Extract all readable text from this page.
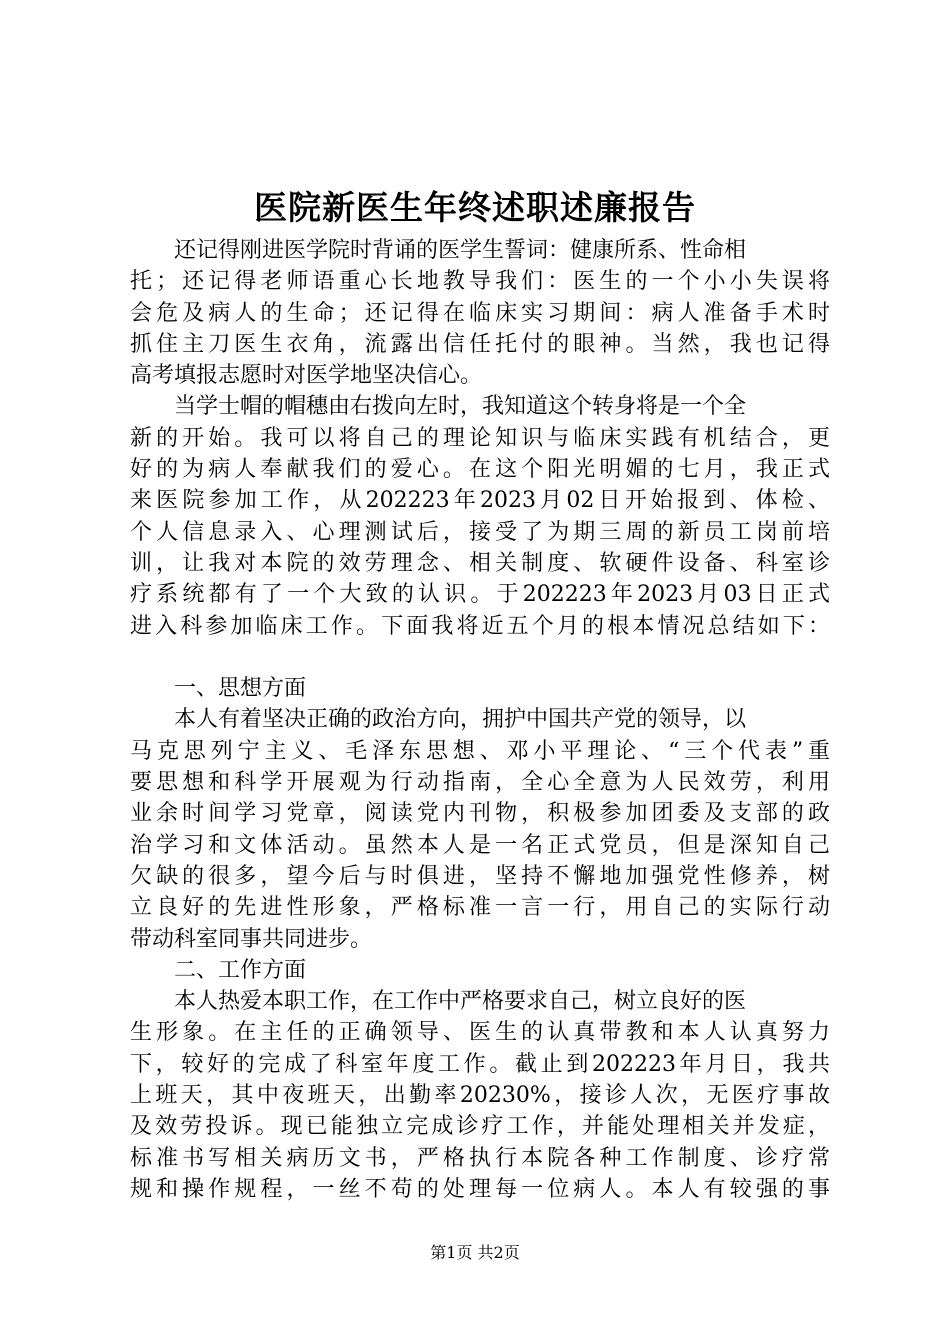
医院新医生年终述职述廉报告
还记得刚进医学院时背诵的医学生誓词：健康所系、性命相
托；还记得老师语重心长地教导我们：医生的一个小小失误将
会危及病人的生命；还记得在临床实习期间：病人准备手术时
抓住主刀医生衣角，流露出信任托付的眼神。当然，我也记得
高考填报志愿时对医学地坚决信心。
当学士帽的帽穗由右拨向左时，我知道这个转身将是一个全
新的开始。我可以将自己的理论知识与临床实践有机结合，更
好的为病人奉献我们的爱心。在这个阳光明媚的七月，我正式
来医院参加工作，从202223年2023月02日开始报到、体检、
个人信息录入、心理测试后，接受了为期三周的新员工岗前培
训，让我对本院的效劳理念、相关制度、软硬件设备、科室诊
疗系统都有了一个大致的认识。于202223年2023月03日正式
进入科参加临床工作。下面我将近五个月的根本情况总结如下：
一、思想方面
本人有着坚决正确的政治方向，拥护中国共产党的领导，以
马克思列宁主义、毛泽东思想、邓小平理论、“三个代表”重
要思想和科学开展观为行动指南，全心全意为人民效劳，利用
业余时间学习党章，阅读党内刊物，积极参加团委及支部的政
治学习和文体活动。虽然本人是一名正式党员，但是深知自己
欠缺的很多，望今后与时俱进，坚持不懈地加强党性修养，树
立良好的先进性形象，严格标准一言一行，用自己的实际行动
带动科室同事共同进步。
二、工作方面
本人热爱本职工作，在工作中严格要求自己，树立良好的医
生形象。在主任的正确领导、医生的认真带教和本人认真努力
下，较好的完成了科室年度工作。截止到202223年月日，我共
上班天，其中夜班天，出勤率20230%，接诊人次，无医疗事故
及效劳投诉。现已能独立完成诊疗工作，并能处理相关并发症，
标准书写相关病历文书，严格执行本院各种工作制度、诊疗常
规和操作规程，一丝不苟的处理每一位病人。本人有较强的事
第1页 共2页
